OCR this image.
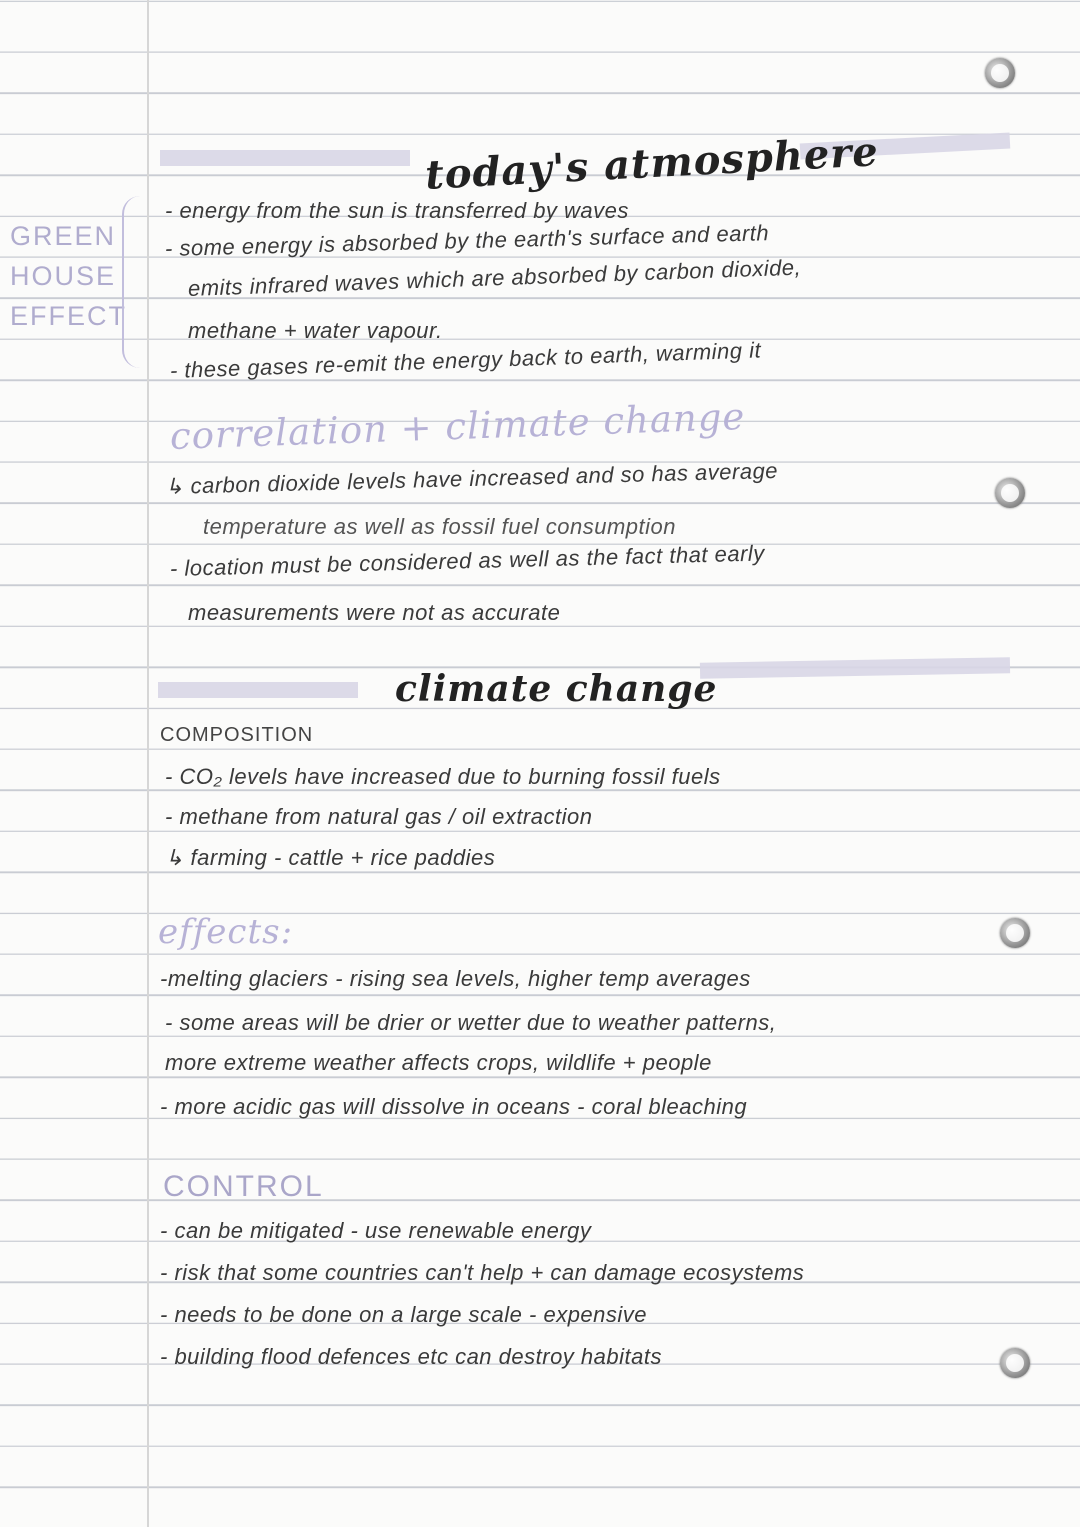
GREEN
HOUSE
EFFECT
today's atmosphere
- energy from the sun is transferred by waves
- some energy is absorbed by the earth's surface and earth
emits infrared waves which are absorbed by carbon dioxide,
methane + water vapour.
- these gases re-emit the energy back to earth, warming it
correlation + climate change
↳ carbon dioxide levels have increased and so has average
temperature as well as fossil fuel consumption
- location must be considered as well as the fact that early
measurements were not as accurate
climate change
COMPOSITION
- CO₂ levels have increased due to burning fossil fuels
- methane from natural gas / oil extraction
↳ farming - cattle + rice paddies
effects:
-melting glaciers - rising sea levels, higher temp averages
- some areas will be drier or wetter due to weather patterns,
more extreme weather affects crops, wildlife + people
- more acidic gas will dissolve in oceans - coral bleaching
CONTROL
- can be mitigated - use renewable energy
- risk that some countries can't help + can damage ecosystems
- needs to be done on a large scale - expensive
- building flood defences etc can destroy habitats
